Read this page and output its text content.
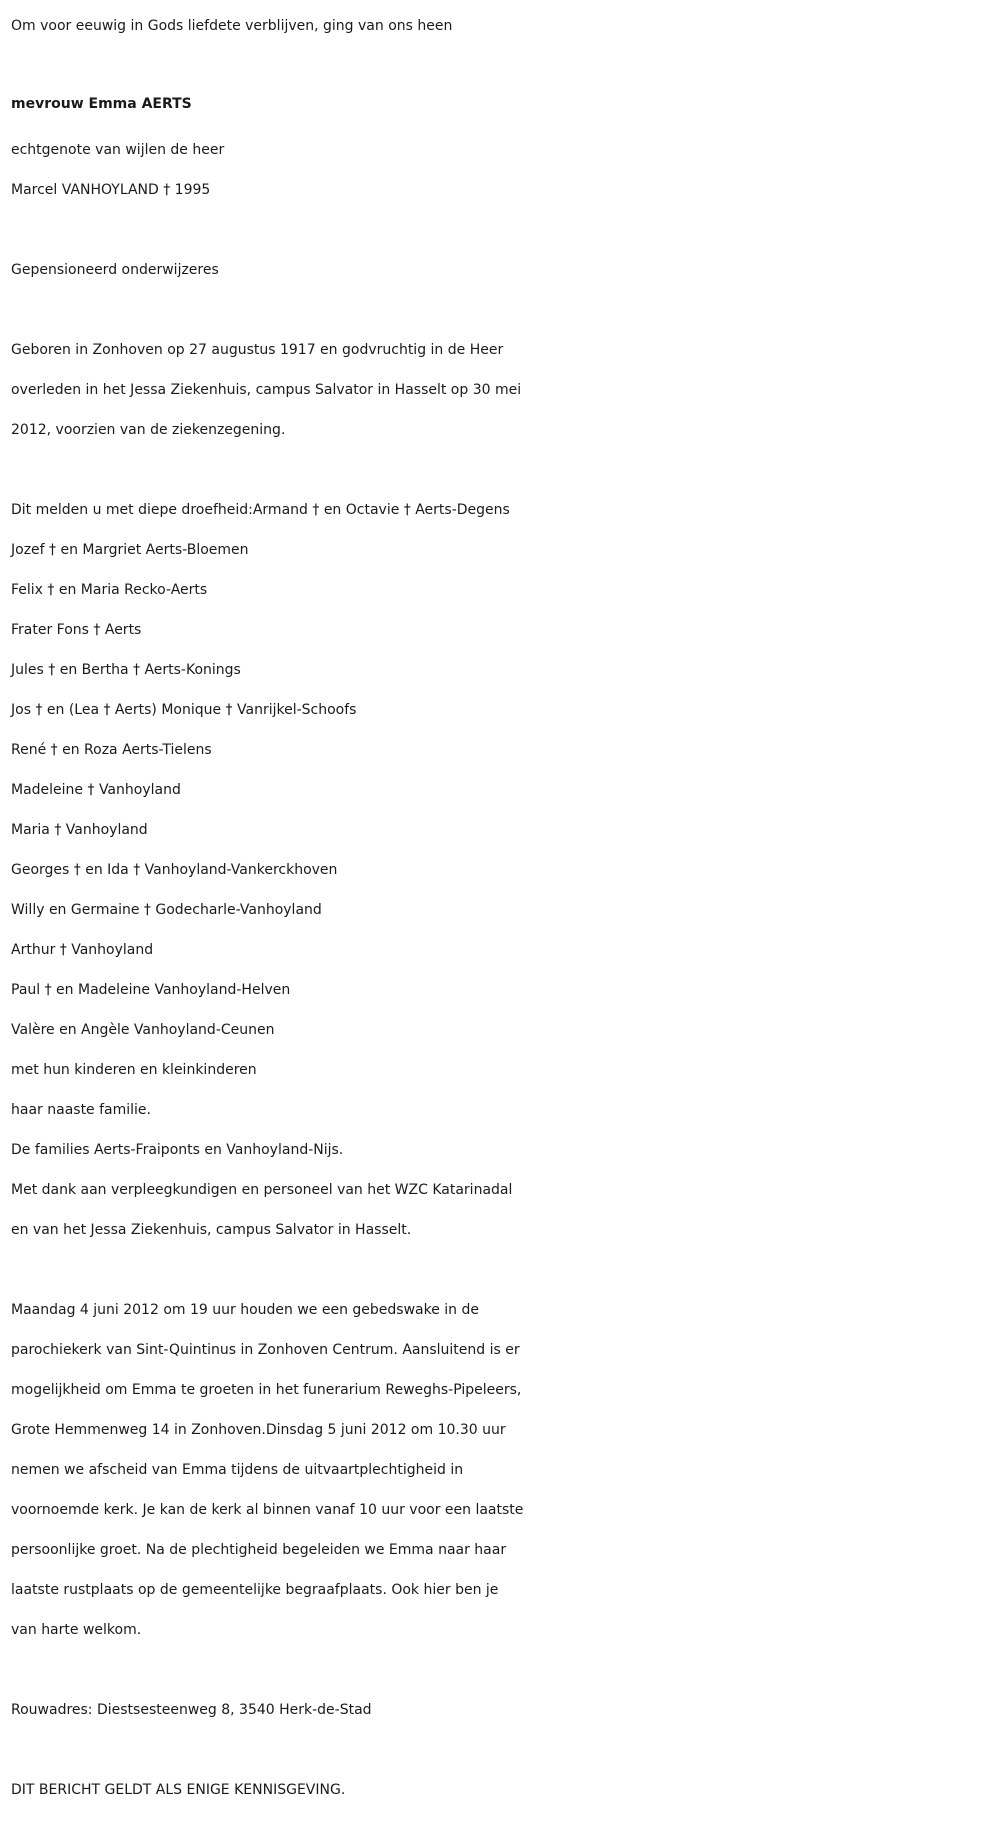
Om voor eeuwig in Gods liefdete verblijven, ging van ons heen
mevrouw Emma AERTS
echtgenote van wijlen de heer
Marcel VANHOYLAND † 1995
Gepensioneerd onderwijzeres
Geboren in Zonhoven op 27 augustus 1917 en godvruchtig in de Heer
overleden in het Jessa Ziekenhuis, campus Salvator in Hasselt op 30 mei
2012, voorzien van de ziekenzegening.
Dit melden u met diepe droefheid:Armand † en Octavie † Aerts-Degens
Jozef † en Margriet Aerts-Bloemen
Felix † en Maria Recko-Aerts
Frater Fons † Aerts
Jules † en Bertha † Aerts-Konings
Jos † en (Lea † Aerts) Monique † Vanrijkel-Schoofs
René † en Roza Aerts-Tielens
Madeleine † Vanhoyland
Maria † Vanhoyland
Georges † en Ida † Vanhoyland-Vankerckhoven
Willy en Germaine † Godecharle-Vanhoyland
Arthur † Vanhoyland
Paul † en Madeleine Vanhoyland-Helven
Valère en Angèle Vanhoyland-Ceunen
met hun kinderen en kleinkinderen
haar naaste familie.
De families Aerts-Fraiponts en Vanhoyland-Nijs.
Met dank aan verpleegkundigen en personeel van het WZC Katarinadal
en van het Jessa Ziekenhuis, campus Salvator in Hasselt.
Maandag 4 juni 2012 om 19 uur houden we een gebedswake in de
parochiekerk van Sint-Quintinus in Zonhoven Centrum. Aansluitend is er
mogelijkheid om Emma te groeten in het funerarium Reweghs-Pipeleers,
Grote Hemmenweg 14 in Zonhoven.Dinsdag 5 juni 2012 om 10.30 uur
nemen we afscheid van Emma tijdens de uitvaartplechtigheid in
voornoemde kerk. Je kan de kerk al binnen vanaf 10 uur voor een laatste
persoonlijke groet. Na de plechtigheid begeleiden we Emma naar haar
laatste rustplaats op de gemeentelijke begraafplaats. Ook hier ben je
van harte welkom.
Rouwadres: Diestsesteenweg 8, 3540 Herk-de-Stad
DIT BERICHT GELDT ALS ENIGE KENNISGEVING.
